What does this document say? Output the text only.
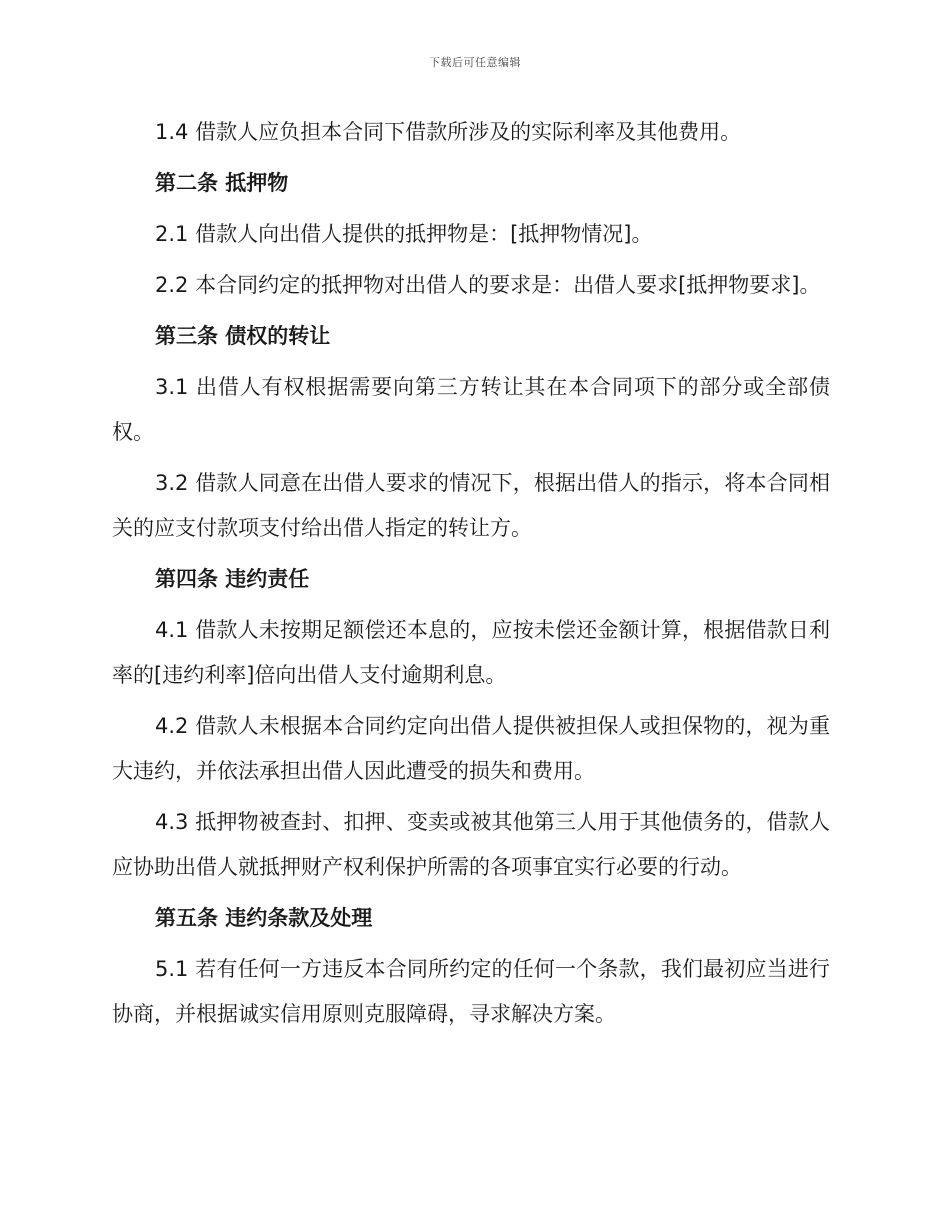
下载后可任意编辑
1.4 借款人应负担本合同下借款所涉及的实际利率及其他费用。
第二条 抵押物
2.1 借款人向出借人提供的抵押物是：[抵押物情况]。
2.2 本合同约定的抵押物对出借人的要求是：出借人要求[抵押物要求]。
第三条 债权的转让
3.1 出借人有权根据需要向第三方转让其在本合同项下的部分或全部债权。
3.2 借款人同意在出借人要求的情况下，根据出借人的指示，将本合同相关的应支付款项支付给出借人指定的转让方。
第四条 违约责任
4.1 借款人未按期足额偿还本息的，应按未偿还金额计算，根据借款日利率的[违约利率]倍向出借人支付逾期利息。
4.2 借款人未根据本合同约定向出借人提供被担保人或担保物的，视为重大违约，并依法承担出借人因此遭受的损失和费用。
4.3 抵押物被查封、扣押、变卖或被其他第三人用于其他债务的，借款人应协助出借人就抵押财产权利保护所需的各项事宜实行必要的行动。
第五条 违约条款及处理
5.1 若有任何一方违反本合同所约定的任何一个条款，我们最初应当进行协商，并根据诚实信用原则克服障碍，寻求解决方案。
